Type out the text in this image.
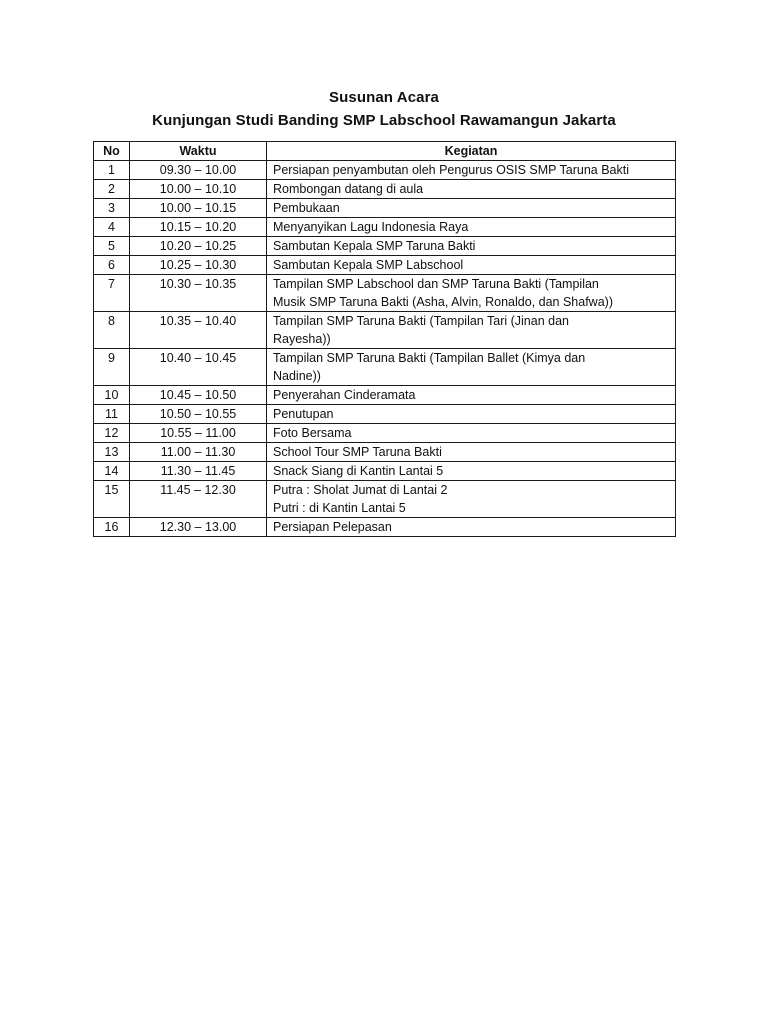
Susunan Acara
Kunjungan Studi Banding SMP Labschool Rawamangun Jakarta
No	Waktu	Kegiatan
1	09.30 – 10.00	Persiapan penyambutan oleh Pengurus OSIS SMP Taruna Bakti

2	10.00 – 10.10	Rombongan datang di aula

3	10.00 – 10.15	Pembukaan

4	10.15 – 10.20	Menyanyikan Lagu Indonesia Raya

5	10.20 – 10.25	Sambutan Kepala SMP Taruna Bakti

6	10.25 – 10.30	Sambutan Kepala SMP Labschool

7	10.30 – 10.35	Tampilan SMP Labschool dan SMP Taruna Bakti (Tampilan
Musik SMP Taruna Bakti (Asha, Alvin, Ronaldo, dan Shafwa))

8	10.35 – 10.40	Tampilan SMP Taruna Bakti (Tampilan Tari (Jinan dan
Rayesha))

9	10.40 – 10.45	Tampilan SMP Taruna Bakti (Tampilan Ballet (Kimya dan
Nadine))

10	10.45 – 10.50	Penyerahan Cinderamata

11	10.50 – 10.55	Penutupan

12	10.55 – 11.00	Foto Bersama

13	11.00 – 11.30	School Tour SMP Taruna Bakti

14	11.30 – 11.45	Snack Siang di Kantin Lantai 5

15	11.45 – 12.30	Putra : Sholat Jumat di Lantai 2
Putri : di Kantin Lantai 5

16	12.30 – 13.00	Persiapan Pelepasan
